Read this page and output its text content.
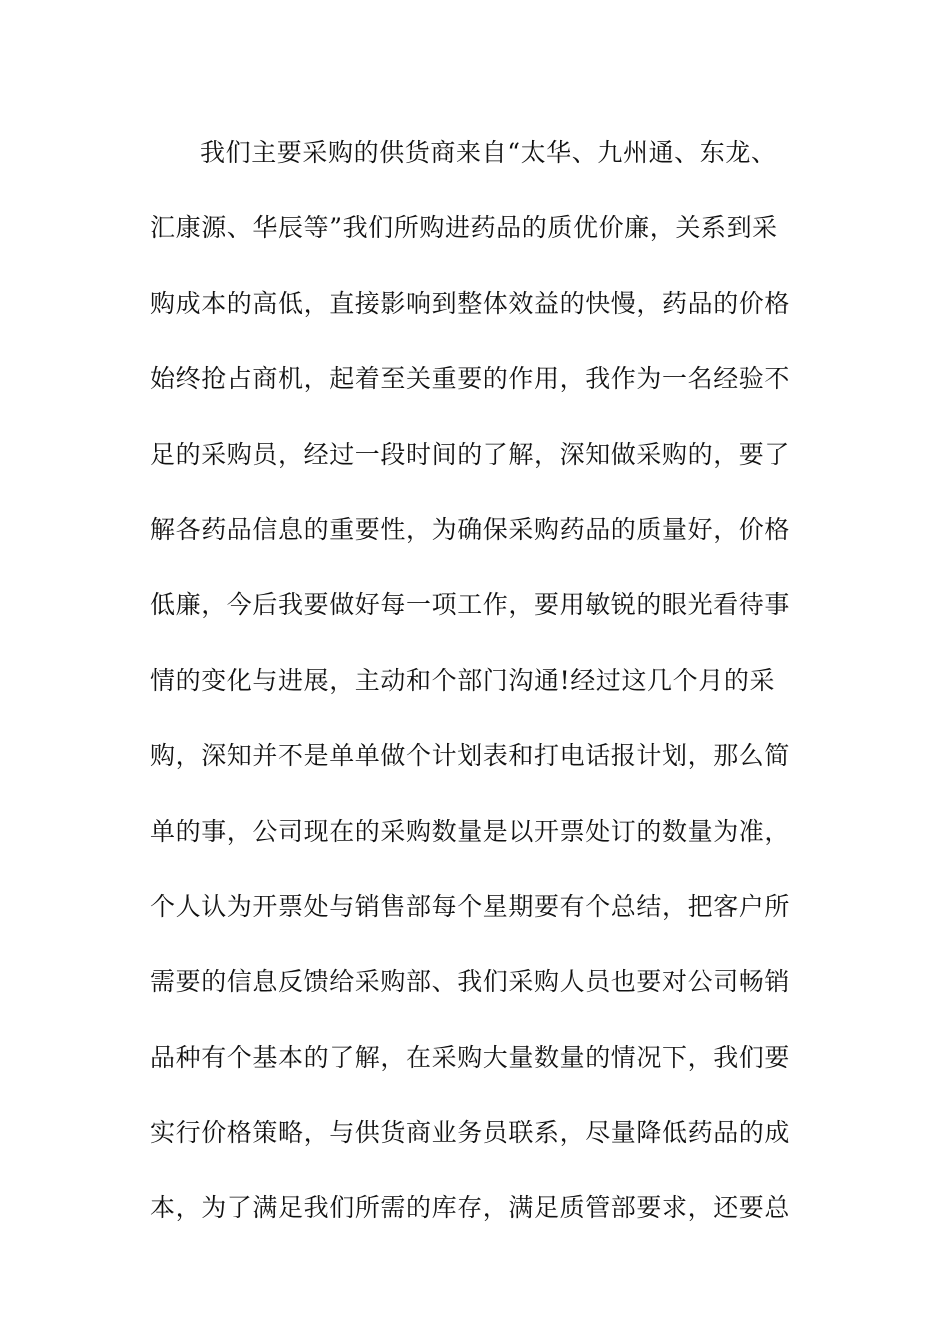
我们主要采购的供货商来自“太华、九州通、东龙、
汇康源、华辰等”我们所购进药品的质优价廉，关系到采
购成本的高低，直接影响到整体效益的快慢，药品的价格
始终抢占商机，起着至关重要的作用，我作为一名经验不
足的采购员，经过一段时间的了解，深知做采购的，要了
解各药品信息的重要性，为确保采购药品的质量好，价格
低廉，今后我要做好每一项工作，要用敏锐的眼光看待事
情的变化与进展，主动和个部门沟通!经过这几个月的采
购，深知并不是单单做个计划表和打电话报计划，那么简
单的事，公司现在的采购数量是以开票处订的数量为准，
个人认为开票处与销售部每个星期要有个总结，把客户所
需要的信息反馈给采购部、我们采购人员也要对公司畅销
品种有个基本的了解，在采购大量数量的情况下，我们要
实行价格策略，与供货商业务员联系，尽量降低药品的成
本，为了满足我们所需的库存，满足质管部要求，还要总
